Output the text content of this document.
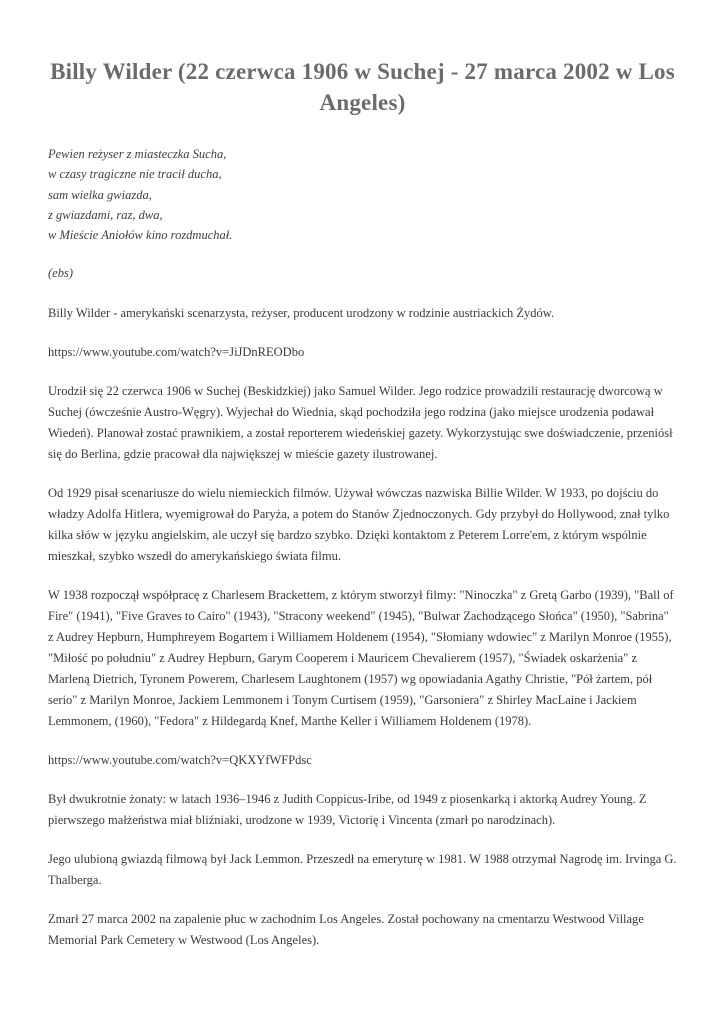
Billy Wilder (22 czerwca 1906 w Suchej - 27 marca 2002 w Los Angeles)
Pewien reżyser z miasteczka Sucha,
w czasy tragiczne nie tracił ducha,
sam wielka gwiazda,
z gwiazdami, raz, dwa,
w Mieście Aniołów kino rozdmuchał.
(ebs)

Billy Wilder - amerykański scenarzysta, reżyser, producent urodzony w rodzinie austriackich Żydów.

https://www.youtube.com/watch?v=JiJDnREODbo

Urodził się 22 czerwca 1906 w Suchej (Beskidzkiej) jako Samuel Wilder. Jego rodzice prowadzili restaurację dworcową w Suchej (ówcześnie Austro-Węgry). Wyjechał do Wiednia, skąd pochodziła jego rodzina (jako miejsce urodzenia podawał Wiedeń). Planował zostać prawnikiem, a został reporterem wiedeńskiej gazety. Wykorzystując swe doświadczenie, przeniósł się do Berlina, gdzie pracował dla największej w mieście gazety ilustrowanej.

Od 1929 pisał scenariusze do wielu niemieckich filmów. Używał wówczas nazwiska Billie Wilder. W 1933, po dojściu do władzy Adolfa Hitlera, wyemigrował do Paryża, a potem do Stanów Zjednoczonych. Gdy przybył do Hollywood, znał tylko kilka słów w języku angielskim, ale uczył się bardzo szybko. Dzięki kontaktom z Peterem Lorre'em, z którym wspólnie mieszkał, szybko wszedł do amerykańskiego świata filmu.

W 1938 rozpoczął współpracę z Charlesem Brackettem, z którym stworzył filmy: "Ninoczka" z Gretą Garbo (1939), "Ball of Fire" (1941), "Five Graves to Cairo" (1943), "Stracony weekend" (1945), "Bulwar Zachodzącego Słońca" (1950), "Sabrina" z Audrey Hepburn, Humphreyem Bogartem i Williamem Holdenem (1954), "Słomiany wdowiec" z Marilyn Monroe (1955), "Miłość po południu" z Audrey Hepburn, Garym Cooperem i Mauricem Chevalierem (1957), "Świadek oskarżenia" z Marleną Dietrich, Tyronem Powerem, Charlesem Laughtonem (1957) wg opowiadania Agathy Christie, "Pół żartem, pół serio" z Marilyn Monroe, Jackiem Lemmonem i Tonym Curtisem (1959), "Garsoniera" z Shirley MacLaine i Jackiem Lemmonem, (1960), "Fedora" z Hildegardą Knef, Marthe Keller i Williamem Holdenem (1978).

https://www.youtube.com/watch?v=QKXYfWFPdsc

Był dwukrotnie żonaty: w latach 1936–1946 z Judith Coppicus-Iribe, od 1949 z piosenkarką i aktorką Audrey Young. Z pierwszego małżeństwa miał bliźniaki, urodzone w 1939, Victorię i Vincenta (zmarł po narodzinach).

Jego ulubioną gwiazdą filmową był Jack Lemmon. Przeszedł na emeryturę w 1981. W 1988 otrzymał Nagrodę im. Irvinga G. Thalberga.

Zmarł 27 marca 2002 na zapalenie płuc w zachodnim Los Angeles. Został pochowany na cmentarzu Westwood Village Memorial Park Cemetery w Westwood (Los Angeles).
